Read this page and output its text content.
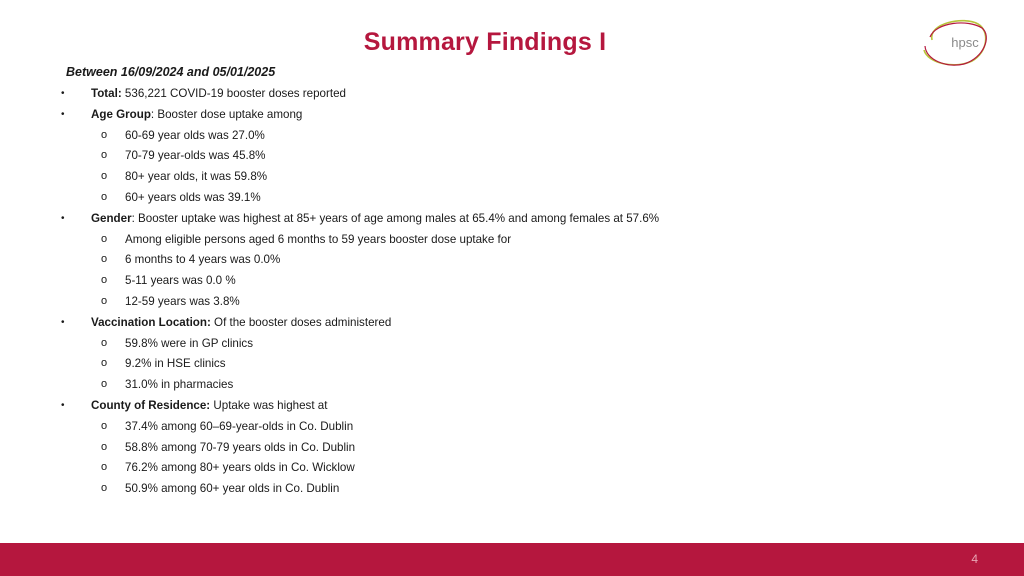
Summary Findings I	hpsc
Between 16/09/2024 and 05/01/2025
• Total: 536,221 COVID-19 booster doses reported
• Age Group: Booster dose uptake among
o 60-69 year olds was 27.0%
o 70-79 year-olds was 45.8%
o 80+ year olds, it was 59.8%
o 60+ years olds was 39.1%
• Gender: Booster uptake was highest at 85+ years of age among males at 65.4% and among females at 57.6%
o Among eligible persons aged 6 months to 59 years booster dose uptake for
o 6 months to 4 years was 0.0%
o 5-11 years was 0.0 %
o 12-59 years was 3.8%
• Vaccination Location: Of the booster doses administered
o 59.8% were in GP clinics
o 9.2% in HSE clinics
o 31.0% in pharmacies
• County of Residence: Uptake was highest at
o 37.4% among 60–69-year-olds in Co. Dublin
o 58.8% among 70-79 years olds in Co. Dublin
o 76.2% among 80+ years olds in Co. Wicklow
o 50.9% among 60+ year olds in Co. Dublin
4
